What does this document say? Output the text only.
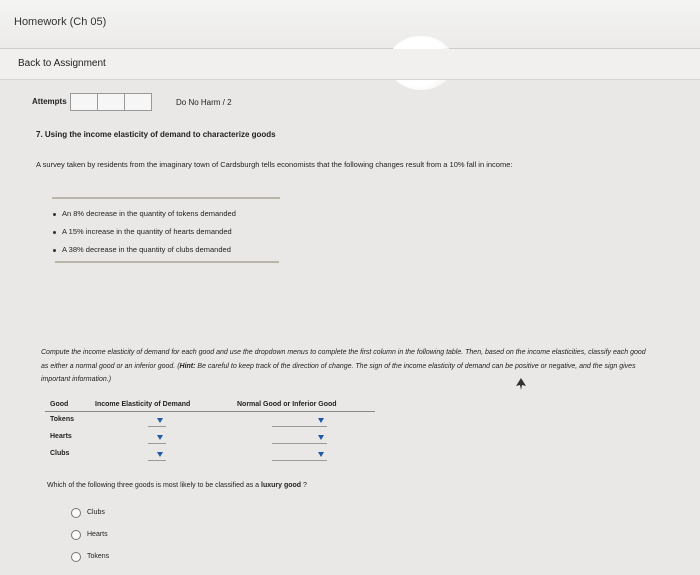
Homework (Ch 05)
Back to Assignment
Attempts	Do No Harm / 2
7. Using the income elasticity of demand to characterize goods
A survey taken by residents from the imaginary town of Cardsburgh tells economists that the following changes result from a 10% fall in income:
An 8% decrease in the quantity of tokens demanded
A 15% increase in the quantity of hearts demanded
A 38% decrease in the quantity of clubs demanded
Compute the income elasticity of demand for each good and use the dropdown menus to complete the first column in the following table. Then, based on the income elasticities, classify each good as either a normal good or an inferior good. (Hint: Be careful to keep track of the direction of change. The sign of the income elasticity of demand can be positive or negative, and the sign gives important information.)
Good	Income Elasticity of Demand	Normal Good or Inferior Good
Tokens
Hearts
Clubs
Which of the following three goods is most likely to be classified as a luxury good ?
Clubs
Hearts
Tokens
